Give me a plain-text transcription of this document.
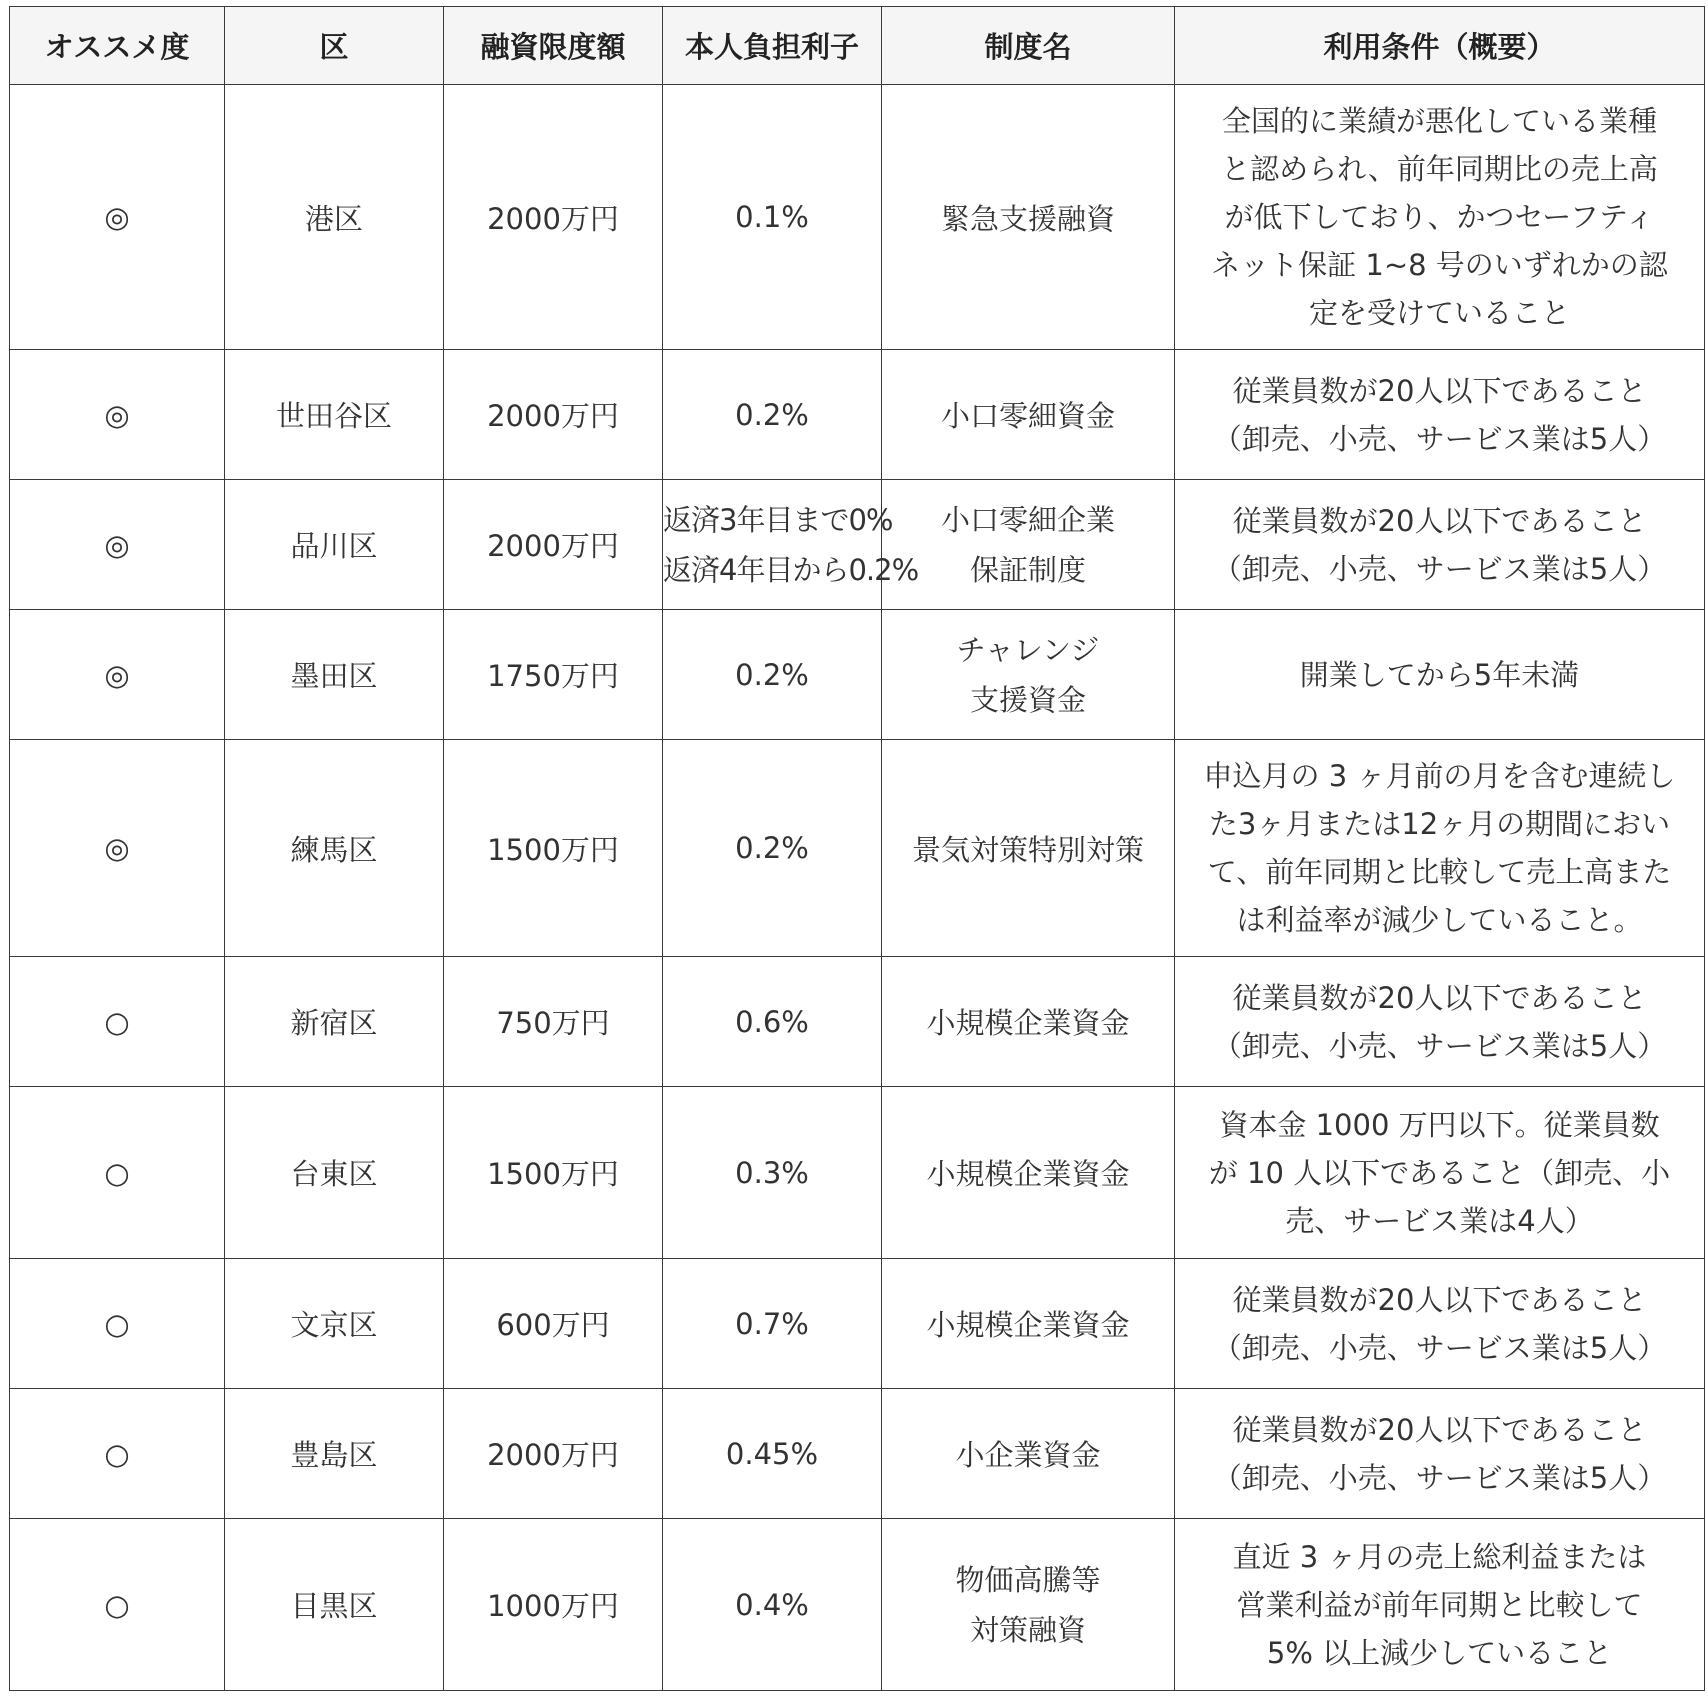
オススメ度	区	融資限度額	本人負担利子	制度名	利用条件（概要）
◎	港区	2000万円	0.1%	緊急支援融資	全国的に業績が悪化している業種
と認められ、前年同期比の売上高
が低下しており、かつセーフティ
ネット保証 1~8 号のいずれかの認
定を受けていること

◎	世田谷区	2000万円	0.2%	小口零細資金	従業員数が20人以下であること
（卸売、小売、サービス業は5人）

◎	品川区	2000万円	返済3年目まで0%
返済4年目から0.2%	小口零細企業
保証制度	従業員数が20人以下であること
（卸売、小売、サービス業は5人）

◎	墨田区	1750万円	0.2%	チャレンジ
支援資金	開業してから5年未満

◎	練馬区	1500万円	0.2%	景気対策特別対策	申込月の 3 ヶ月前の月を含む連続し
た3ヶ月または12ヶ月の期間におい
て、前年同期と比較して売上高また
は利益率が減少していること。

○	新宿区	750万円	0.6%	小規模企業資金	従業員数が20人以下であること
（卸売、小売、サービス業は5人）

○	台東区	1500万円	0.3%	小規模企業資金	資本金 1000 万円以下。従業員数
が 10 人以下であること（卸売、小
売、サービス業は4人）

○	文京区	600万円	0.7%	小規模企業資金	従業員数が20人以下であること
（卸売、小売、サービス業は5人）

○	豊島区	2000万円	0.45%	小企業資金	従業員数が20人以下であること
（卸売、小売、サービス業は5人）

○	目黒区	1000万円	0.4%	物価高騰等
対策融資	直近 3 ヶ月の売上総利益または
営業利益が前年同期と比較して
5% 以上減少していること
